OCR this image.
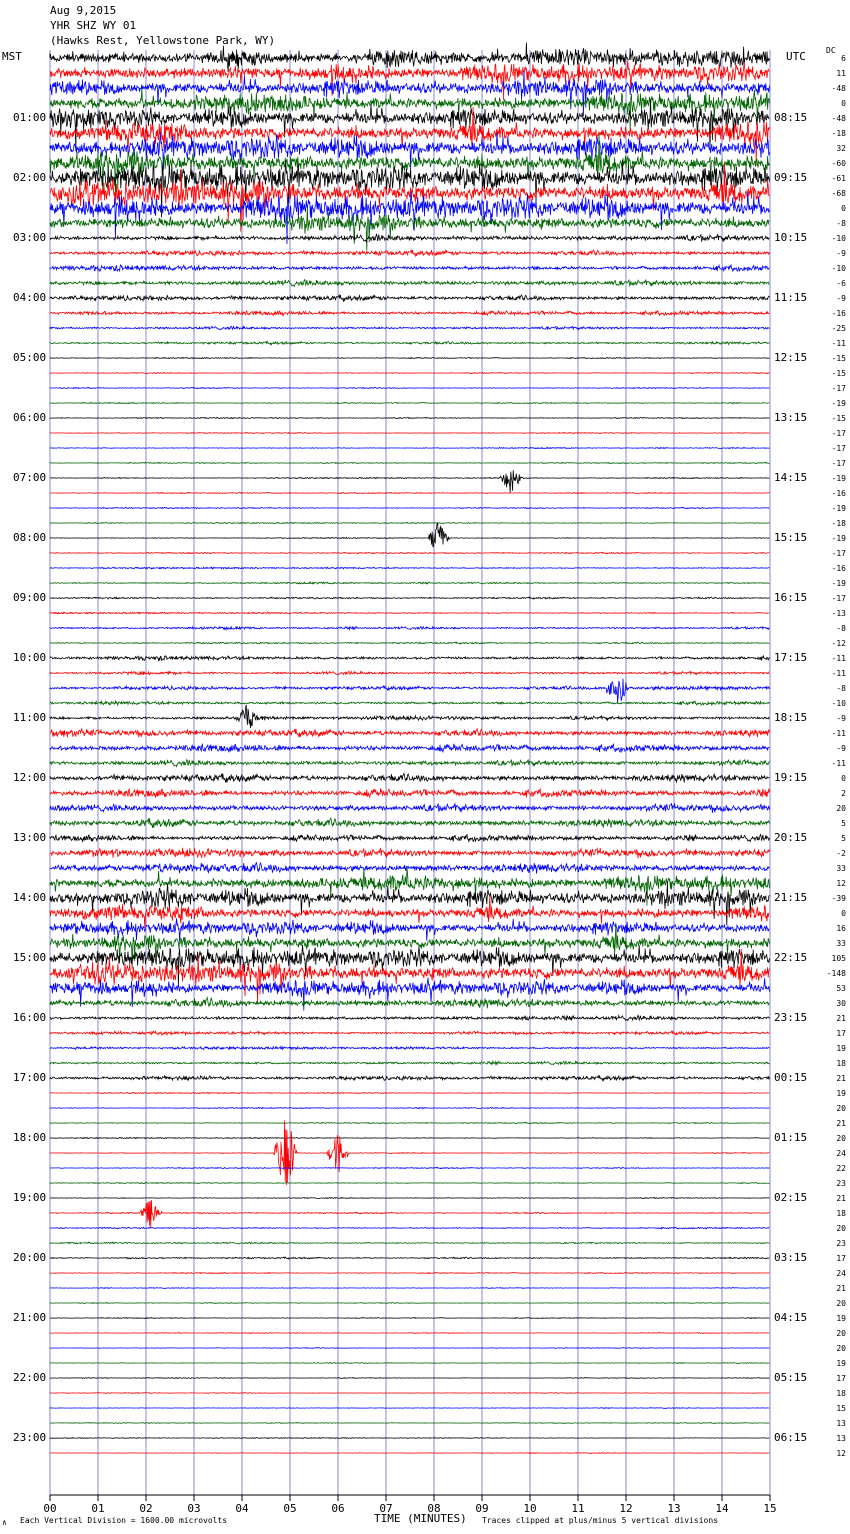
00	01	02	03	04	05	06	07	08	09	10	11	12	13	14	15
Aug 9,2015
YHR SHZ WY 01
(Hawks Rest, Yellowstone Park, WY)
MST	UTC	DC
01:00
02:00
03:00
04:00
05:00
06:00
07:00
08:00
09:00
10:00
11:00
12:00
13:00
14:00
15:00
16:00
17:00
18:00
19:00
20:00
21:00
22:00
23:00
08:15
09:15
10:15
11:15
12:15
13:15
14:15
15:15
16:15
17:15
18:15
19:15
20:15
21:15
22:15
23:15
00:15
01:15
02:15
03:15
04:15
05:15
06:15
6
11
-48
0
-48
-18
32
-60
-61
-68
0
-8
-10
-9
-10
-6
-9
-16
-25
-11
-15
-15
-17
-19
-15
-17
-17
-17
-19
-16
-19
-18
-19
-17
-16
-19
-17
-13
-8
-12
-11
-11
-8
-10
-9
-11
-9
-11
0
2
20
5
5
-2
33
12
-39
0
16
33
105
-148
53
30
21
17
19
18
21
19
20
21
20
24
22
23
21
18
20
23
17
24
21
20
19
20
20
19
17
18
15
13
13
12
TIME (MINUTES)
∧ Each Vertical Division = 1600.00 microvolts	Traces clipped at plus/minus 5 vertical divisions
